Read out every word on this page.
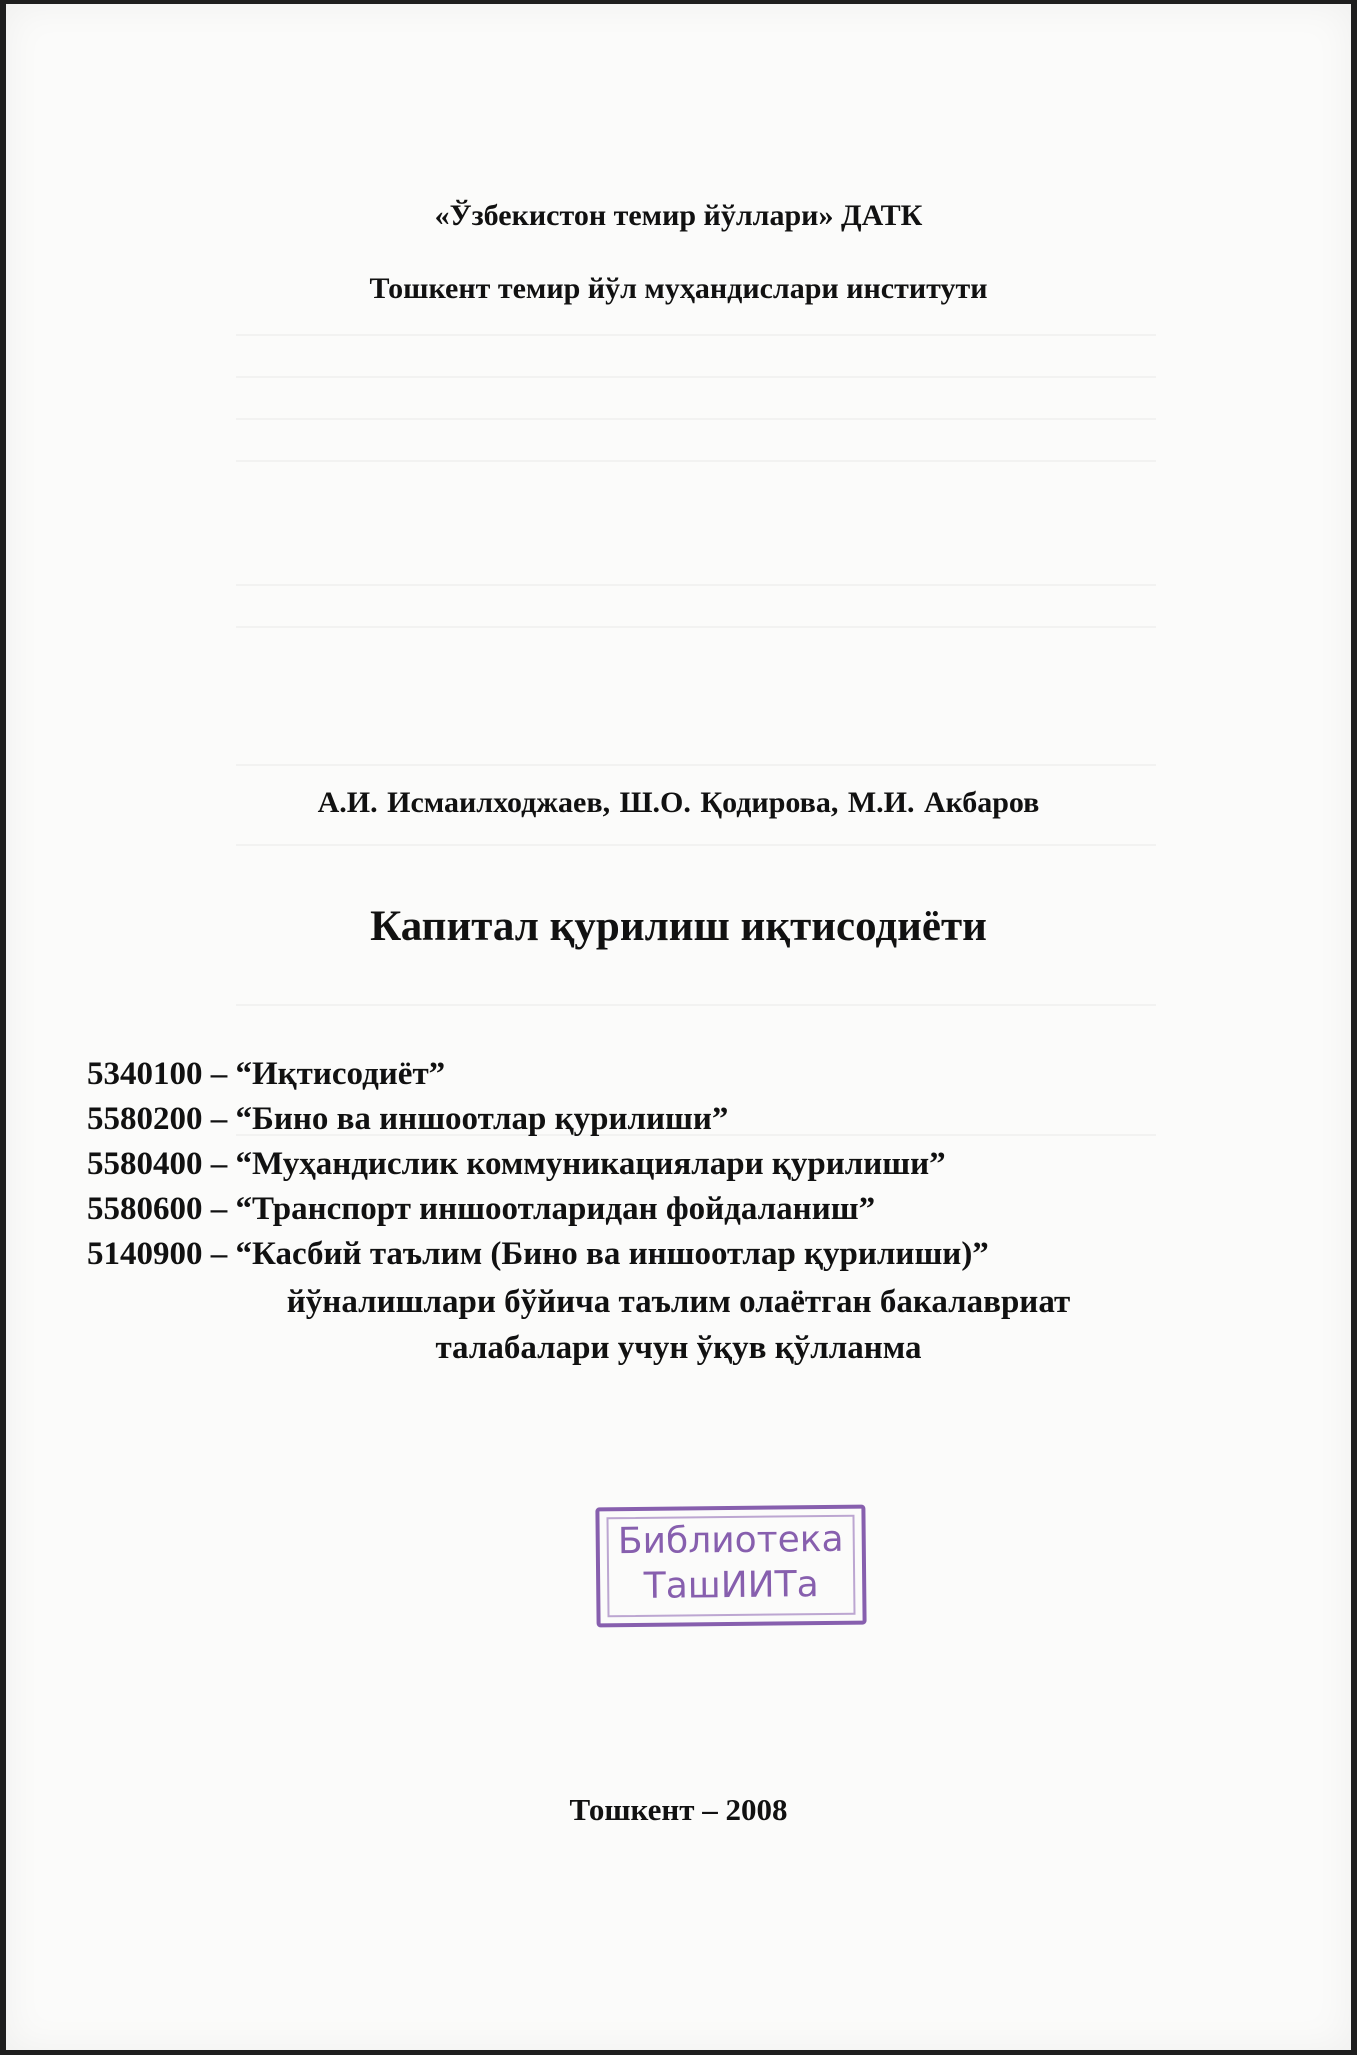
«Ўзбекистон темир йўллари» ДАТК
Тошкент темир йўл муҳандислари институти
А.И. Исмаилходжаев, Ш.О. Қодирова, М.И. Акбаров
Капитал қурилиш иқтисодиёти
5340100 – “Иқтисодиёт”
5580200 – “Бино ва иншоотлар қурилиши”
5580400 – “Муҳандислик коммуникациялари қурилиши”
5580600 – “Транспорт иншоотларидан фойдаланиш”
5140900 – “Касбий таълим (Бино ва иншоотлар қурилиши)”
йўналишлари бўйича таълим олаётган бакалавриат
талабалари учун ўқув қўлланма
Библиотека
ТашИИТа
Тошкент – 2008
